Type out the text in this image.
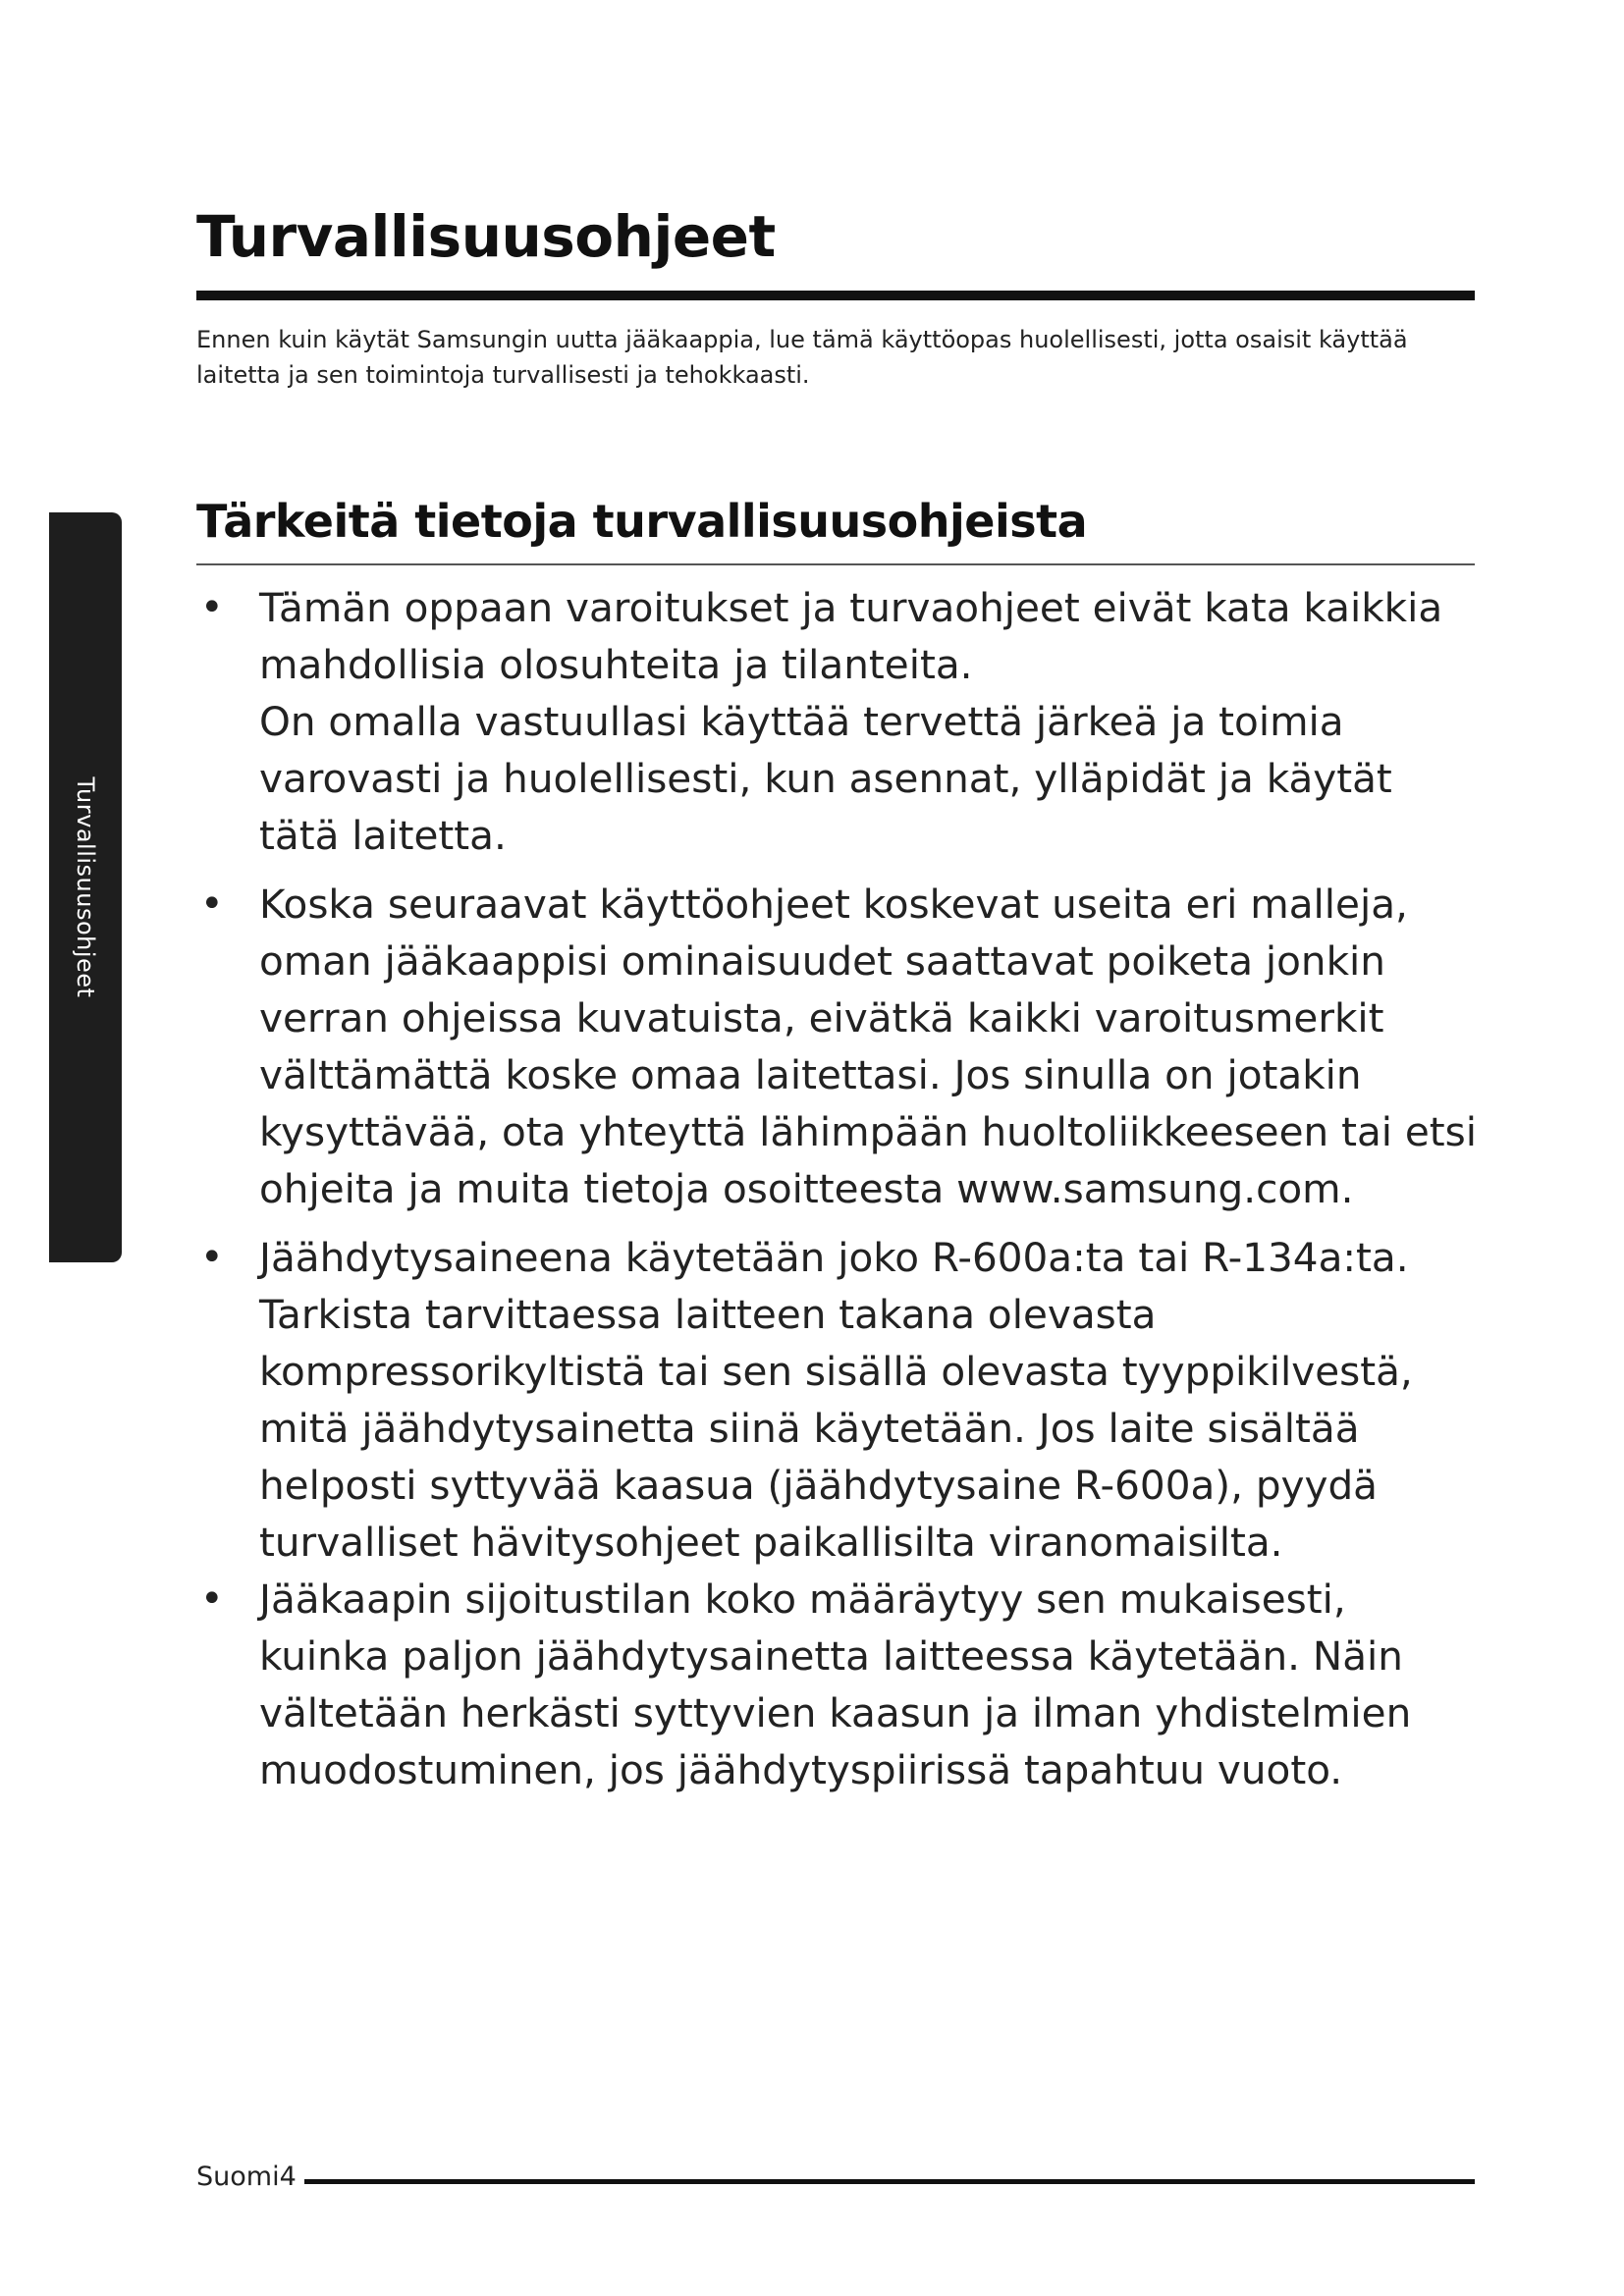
Turvallisuusohjeet
Turvallisuusohjeet

Ennen kuin käytät Samsungin uutta jääkaappia, lue tämä käyttöopas huolellisesti, jotta osaisit käyttää laitetta ja sen toimintoja turvallisesti ja tehokkaasti.

Tärkeitä tietoja turvallisuusohjeista
• Tämän oppaan varoitukset ja turvaohjeet eivät kata kaikkia mahdollisia olosuhteita ja tilanteita.
On omalla vastuullasi käyttää tervettä järkeä ja toimia varovasti ja huolellisesti, kun asennat, ylläpidät ja käytät tätä laitetta.
• Koska seuraavat käyttöohjeet koskevat useita eri malleja, oman jääkaappisi ominaisuudet saattavat poiketa jonkin verran ohjeissa kuvatuista, eivätkä kaikki varoitusmerkit välttämättä koske omaa laitettasi. Jos sinulla on jotakin kysyttävää, ota yhteyttä lähimpään huoltoliikkeeseen tai etsi ohjeita ja muita tietoja osoitteesta www.samsung.com.
• Jäähdytysaineena käytetään joko R-600a:ta tai R-134a:ta. Tarkista tarvittaessa laitteen takana olevasta kompressorikyltistä tai sen sisällä olevasta tyyppikilvestä, mitä jäähdytysainetta siinä käytetään. Jos laite sisältää helposti syttyvää kaasua (jäähdytysaine R-600a), pyydä turvalliset hävitysohjeet paikallisilta viranomaisilta.
• Jääkaapin sijoitustilan koko määräytyy sen mukaisesti, kuinka paljon jäähdytysainetta laitteessa käytetään. Näin vältetään herkästi syttyvien kaasun ja ilman yhdistelmien muodostuminen, jos jäähdytyspiirissä tapahtuu vuoto.
Suomi4
